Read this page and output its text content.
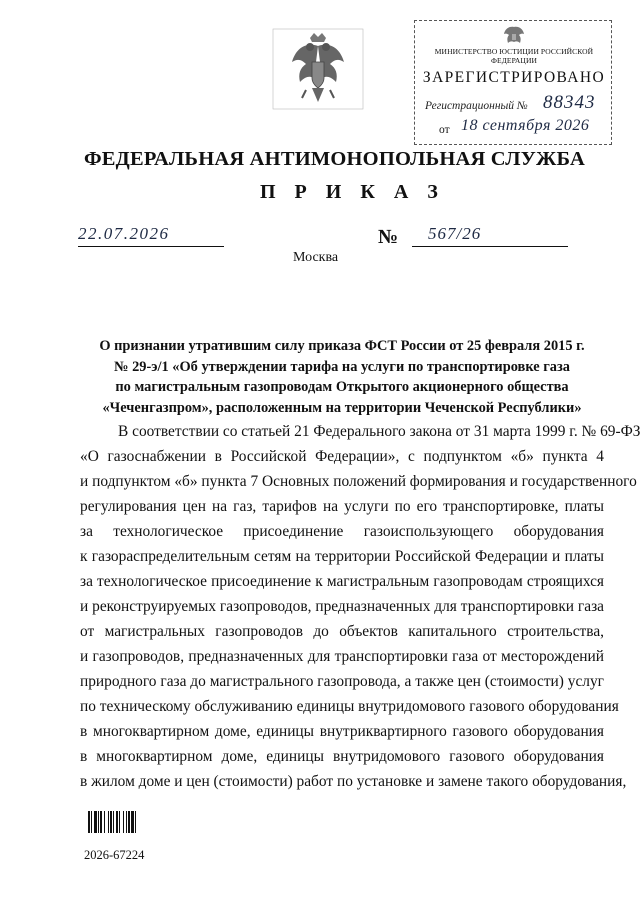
МИНИСТЕРСТВО ЮСТИЦИИ РОССИЙСКОЙ ФЕДЕРАЦИИ
ЗАРЕГИСТРИРОВАНО
Регистрационный № 88343
от 18 сентября 2026
ФЕДЕРАЛЬНАЯ АНТИМОНОПОЛЬНАЯ СЛУЖБА
П Р И К А З
22.07.2026	№ 567/26
Москва
О признании утратившим силу приказа ФСТ России от 25 февраля 2015 г.
№ 29-э/1 «Об утверждении тарифа на услуги по транспортировке газа
по магистральным газопроводам Открытого акционерного общества
«Чеченгазпром», расположенным на территории Чеченской Республики»
В соответствии со статьей 21 Федерального закона от 31 марта 1999 г. № 69-ФЗ
«О газоснабжении в Российской Федерации», с подпунктом «б» пункта 4
и подпунктом «б» пункта 7 Основных положений формирования и государственного
регулирования цен на газ, тарифов на услуги по его транспортировке, платы
за технологическое присоединение газоиспользующего оборудования
к газораспределительным сетям на территории Российской Федерации и платы
за технологическое присоединение к магистральным газопроводам строящихся
и реконструируемых газопроводов, предназначенных для транспортировки газа
от магистральных газопроводов до объектов капитального строительства,
и газопроводов, предназначенных для транспортировки газа от месторождений
природного газа до магистрального газопровода, а также цен (стоимости) услуг
по техническому обслуживанию единицы внутридомового газового оборудования
в многоквартирном доме, единицы внутриквартирного газового оборудования
в многоквартирном доме, единицы внутридомового газового оборудования
в жилом доме и цен (стоимости) работ по установке и замене такого оборудования,
2026-67224
